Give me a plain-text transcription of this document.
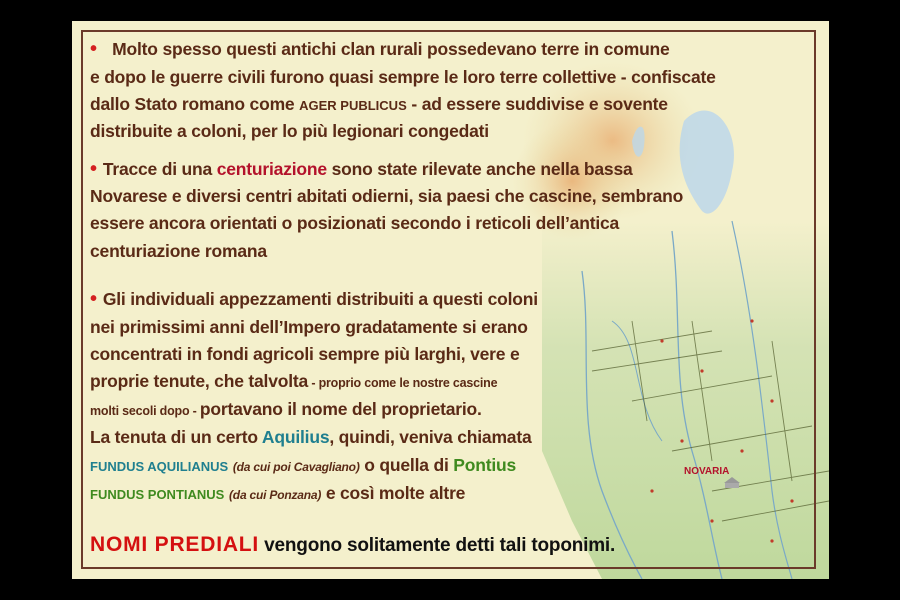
NOVARIA
• Molto spesso questi antichi clan rurali possedevano terre in comune
e dopo le guerre civili furono quasi sempre le loro terre collettive - confiscate
dallo Stato romano come AGER PUBLICUS - ad essere suddivise e sovente
distribuite a coloni, per lo più legionari congedati
• Tracce di una centuriazione sono state rilevate anche nella bassa
Novarese e diversi centri abitati odierni, sia paesi che cascine, sembrano
essere ancora orientati o posizionati secondo i reticoli dell’antica
centuriazione romana
• Gli individuali appezzamenti distribuiti a questi coloni
nei primissimi anni dell’Impero gradatamente si erano
concentrati in fondi agricoli sempre più larghi, vere e
proprie tenute, che talvolta - proprio come le nostre cascine
molti secoli dopo - portavano il nome del proprietario.
La tenuta di un certo Aquilius, quindi, veniva chiamata
FUNDUS AQUILIANUS (da cui poi Cavagliano) o quella di Pontius
FUNDUS PONTIANUS (da cui Ponzana) e così molte altre
NOMI PREDIALI vengono solitamente detti tali toponimi.
